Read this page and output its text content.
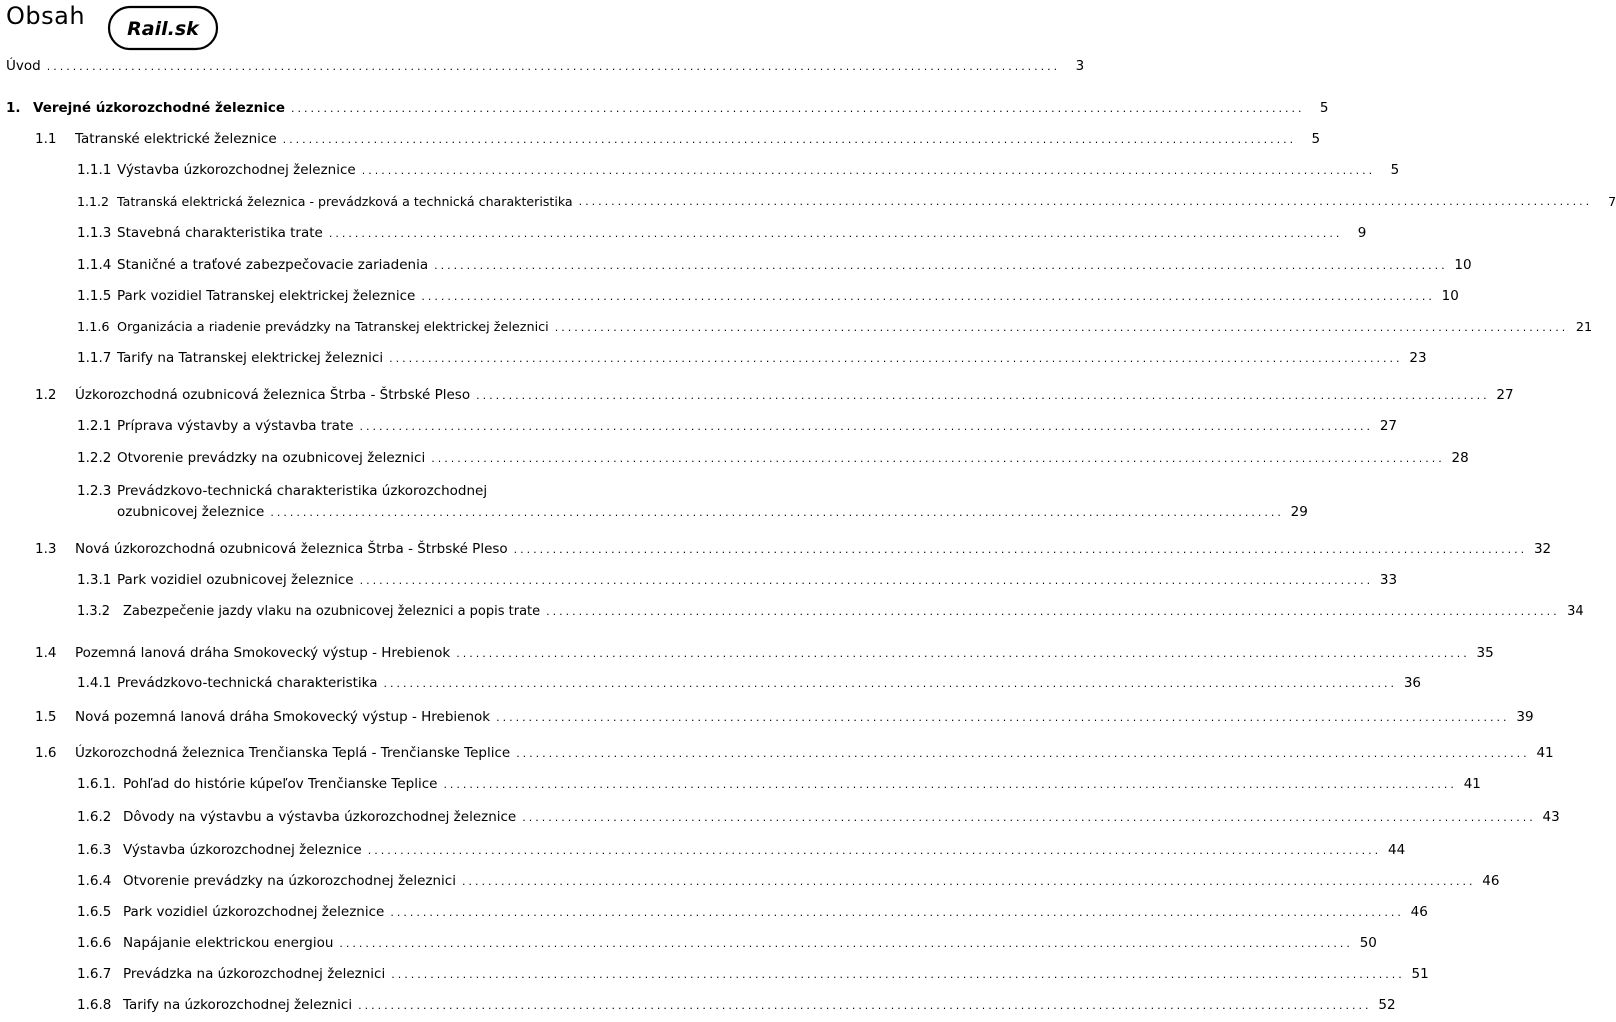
Obsah Rail.sk
Úvod ............................................................................................................................................................	3
1. Verejné úzkorozchodné železnice ............................................................................................................................................................	5
1.1	Tatranské elektrické železnice ............................................................................................................................................................	5
1.1.1 Výstavba úzkorozchodnej železnice ............................................................................................................................................................	5
1.1.2 Tatranská elektrická železnica - prevádzková a technická charakteristika ............................................................................................................................................................	7
1.1.3 Stavebná charakteristika trate ............................................................................................................................................................	9
1.1.4 Staničné a traťové zabezpečovacie zariadenia ............................................................................................................................................................ 10
1.1.5 Park vozidiel Tatranskej elektrickej železnice ............................................................................................................................................................ 10
1.1.6 Organizácia a riadenie prevádzky na Tatranskej elektrickej železnici ............................................................................................................................................................ 21
1.1.7 Tarify na Tatranskej elektrickej železnici ............................................................................................................................................................ 23
1.2	Úzkorozchodná ozubnicová železnica Štrba - Štrbské Pleso ............................................................................................................................................................ 27
1.2.1 Príprava výstavby a výstavba trate ............................................................................................................................................................ 27
1.2.2 Otvorenie prevádzky na ozubnicovej železnici ............................................................................................................................................................ 28
1.2.3 Prevádzkovo-technická charakteristika úzkorozchodnej
ozubnicovej železnice ............................................................................................................................................................ 29
1.3	Nová úzkorozchodná ozubnicová železnica Štrba - Štrbské Pleso ............................................................................................................................................................ 32
1.3.1 Park vozidiel ozubnicovej železnice ............................................................................................................................................................ 33
1.3.2 Zabezpečenie jazdy vlaku na ozubnicovej železnici a popis trate ............................................................................................................................................................ 34
1.4	Pozemná lanová dráha Smokovecký výstup - Hrebienok ............................................................................................................................................................ 35
1.4.1 Prevádzkovo-technická charakteristika ............................................................................................................................................................ 36
1.5	Nová pozemná lanová dráha Smokovecký výstup - Hrebienok ............................................................................................................................................................ 39
1.6	Úzkorozchodná železnica Trenčianska Teplá - Trenčianske Teplice ............................................................................................................................................................ 41
1.6.1. Pohľad do histórie kúpeľov Trenčianske Teplice ............................................................................................................................................................ 41
1.6.2 Dôvody na výstavbu a výstavba úzkorozchodnej železnice ............................................................................................................................................................ 43
1.6.3 Výstavba úzkorozchodnej železnice ............................................................................................................................................................ 44
1.6.4 Otvorenie prevádzky na úzkorozchodnej železnici ............................................................................................................................................................ 46
1.6.5 Park vozidiel úzkorozchodnej železnice ............................................................................................................................................................ 46
1.6.6 Napájanie elektrickou energiou ............................................................................................................................................................ 50
1.6.7 Prevádzka na úzkorozchodnej železnici ............................................................................................................................................................ 51
1.6.8 Tarify na úzkorozchodnej železnici ............................................................................................................................................................ 52
